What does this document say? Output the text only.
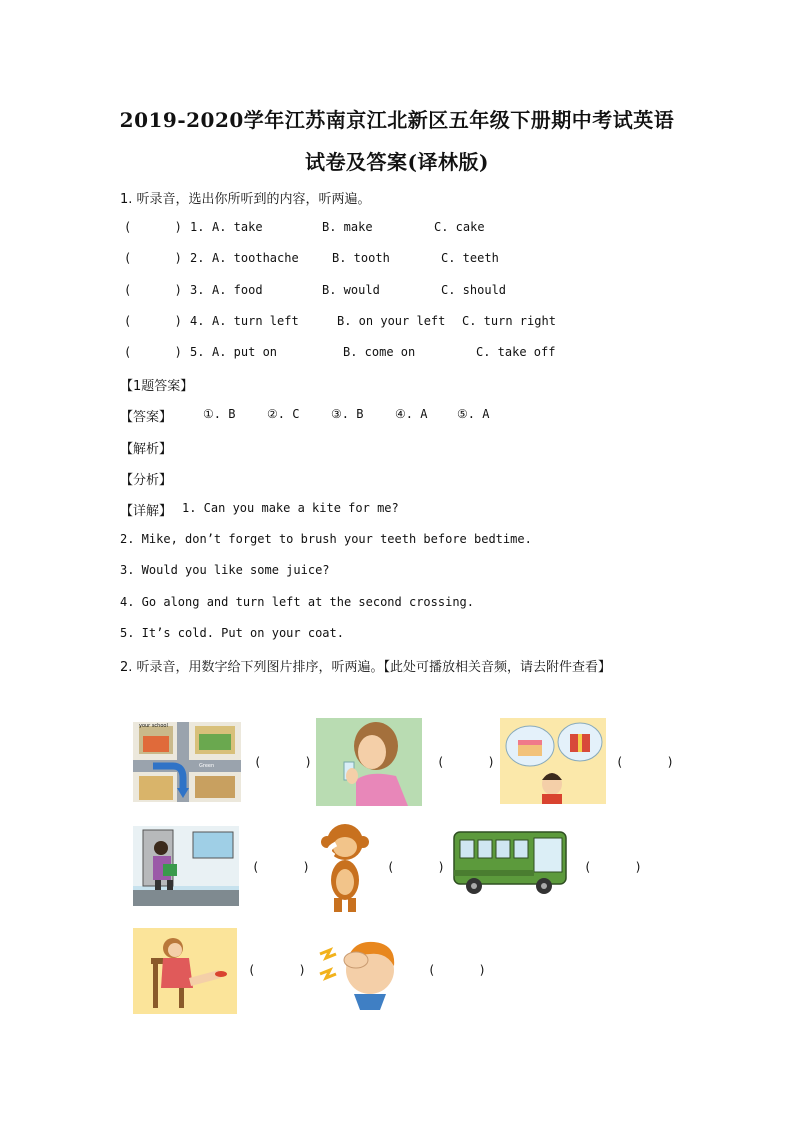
2019-2020学年江苏南京江北新区五年级下册期中考试英语
试卷及答案(译林版)
1. 听录音，选出你所听到的内容，听两遍。
(      ) 1. A. take	B. make	C. cake
(      ) 2. A. toothache	B. tooth	C. teeth
(      ) 3. A. food	B. would	C. should
(      ) 4. A. turn left	B. on your left C. turn right
(      ) 5. A. put on	B. come on	C. take off
【1题答案】
【答案】	①. B	②. C	③. B	④. A ⑤. A
【解析】
【分析】
【详解】 1. Can you make a kite for me?
2. Mike, don’t forget to brush your teeth before bedtime.
3. Would you like some juice?
4. Go along and turn left at the second crossing.
5. It’s cold. Put on your coat.
2. 听录音，用数字给下列图片排序，听两遍。【此处可播放相关音频，请去附件查看】
your school
Green	(      )	(      )	(      )
(      )	(      )	(      )
(      )	(      )
